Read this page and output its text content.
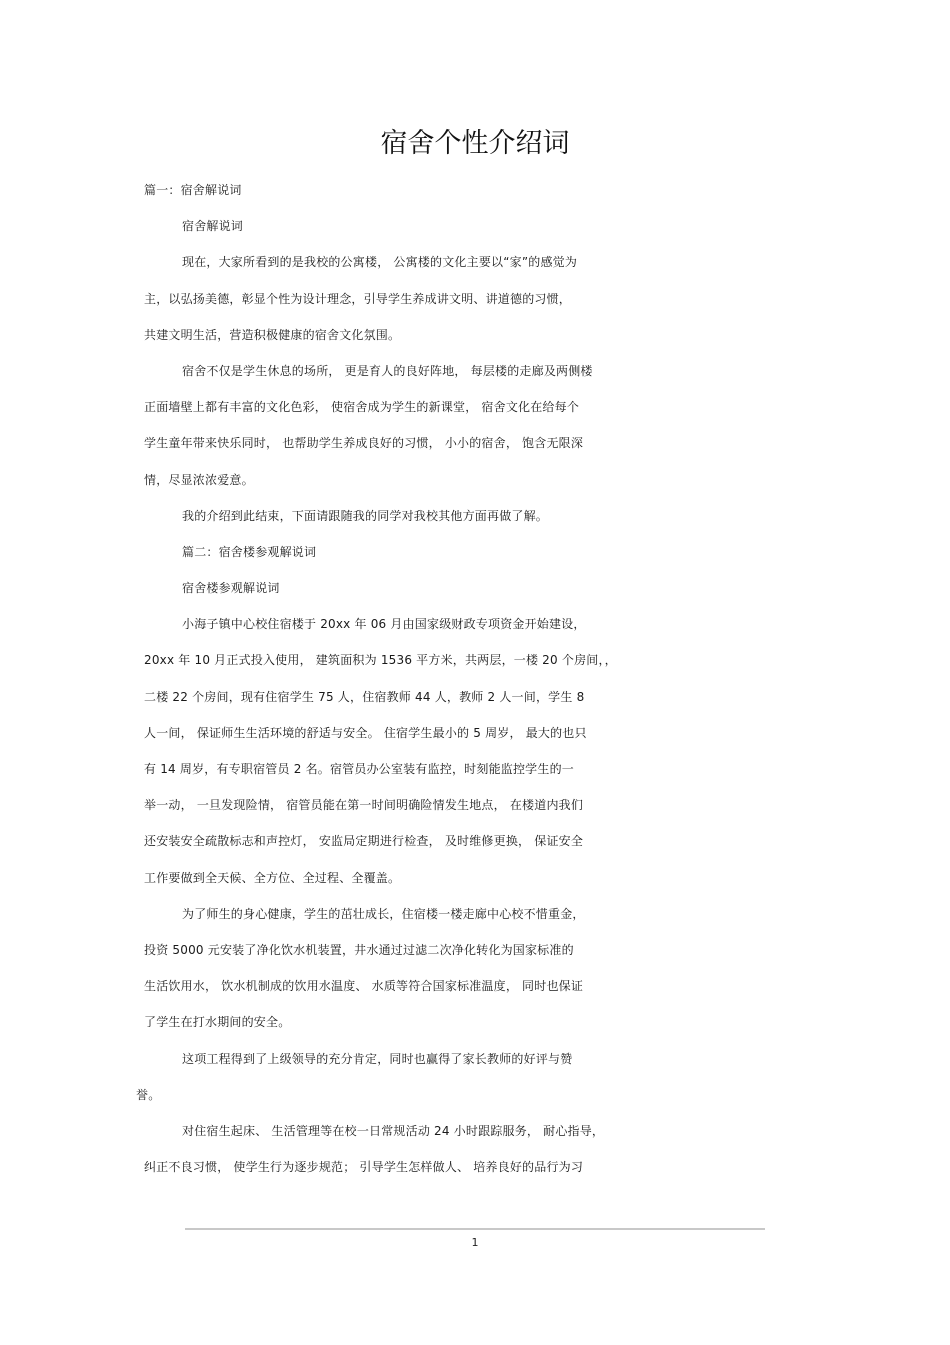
宿舍个性介绍词
篇一：宿舍解说词
宿舍解说词
现在，大家所看到的是我校的公寓楼， 公寓楼的文化主要以“家”的感觉为
主，以弘扬美德，彰显个性为设计理念，引导学生养成讲文明、讲道德的习惯，
共建文明生活，营造积极健康的宿舍文化氛围。
宿舍不仅是学生休息的场所， 更是育人的良好阵地， 每层楼的走廊及两侧楼
正面墙壁上都有丰富的文化色彩， 使宿舍成为学生的新课堂， 宿舍文化在给每个
学生童年带来快乐同时， 也帮助学生养成良好的习惯， 小小的宿舍， 饱含无限深
情，尽显浓浓爱意。
我的介绍到此结束，下面请跟随我的同学对我校其他方面再做了解。
篇二：宿舍楼参观解说词
宿舍楼参观解说词
小海子镇中心校住宿楼于 20xx 年 06 月由国家级财政专项资金开始建设，
20xx 年 10 月正式投入使用， 建筑面积为 1536 平方米，共两层，一楼 20 个房间，，
二楼 22 个房间，现有住宿学生 75 人，住宿教师 44 人，教师 2 人一间，学生 8
人一间， 保证师生生活环境的舒适与安全。 住宿学生最小的 5 周岁， 最大的也只
有 14 周岁，有专职宿管员 2 名。宿管员办公室装有监控，时刻能监控学生的一
举一动， 一旦发现险情， 宿管员能在第一时间明确险情发生地点， 在楼道内我们
还安装安全疏散标志和声控灯， 安监局定期进行检查， 及时维修更换， 保证安全
工作要做到全天候、全方位、全过程、全覆盖。
为了师生的身心健康，学生的茁壮成长，住宿楼一楼走廊中心校不惜重金，
投资 5000 元安装了净化饮水机装置，井水通过过滤二次净化转化为国家标准的
生活饮用水， 饮水机制成的饮用水温度、 水质等符合国家标准温度， 同时也保证
了学生在打水期间的安全。
这项工程得到了上级领导的充分肯定，同时也赢得了家长教师的好评与赞
誉。
对住宿生起床、 生活管理等在校一日常规活动 24 小时跟踪服务， 耐心指导，
纠正不良习惯， 使学生行为逐步规范； 引导学生怎样做人、 培养良好的品行为习
1
